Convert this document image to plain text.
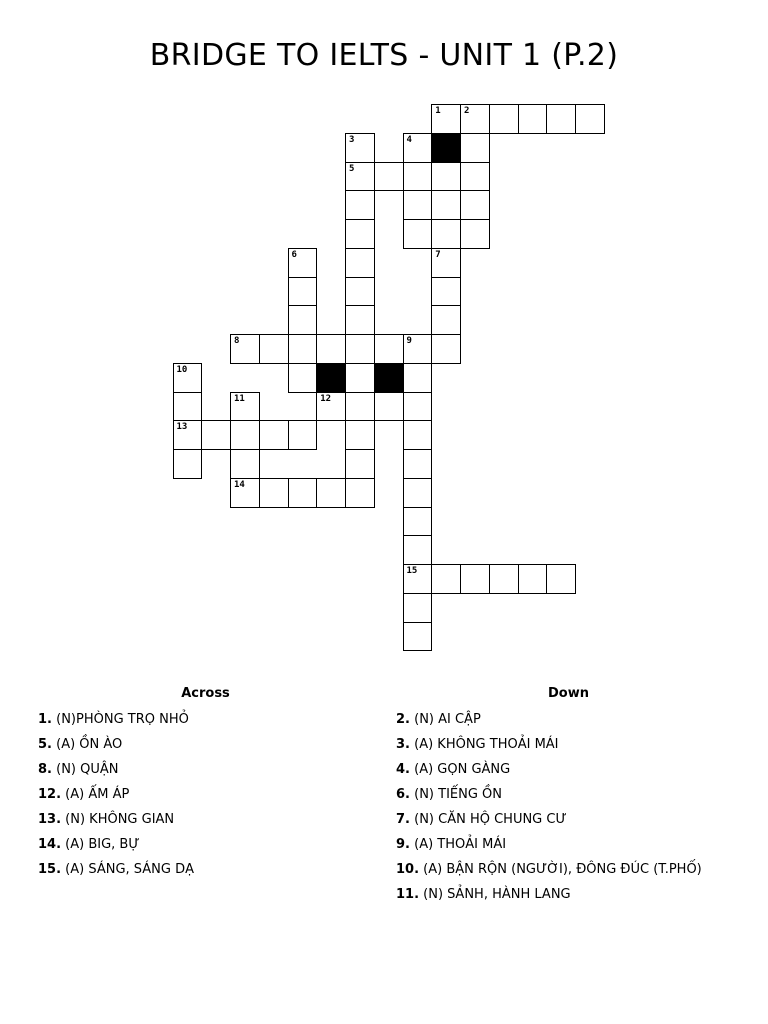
BRIDGE TO IELTS - UNIT 1 (P.2)
1	2
3	4
5
6	7
8	9
10
11	12
13
14
15
Across
1. (N)PHÒNG TRỌ NHỎ
5. (A) ỒN ÀO
8. (N) QUẬN
12. (A) ẤM ÁP
13. (N) KHÔNG GIAN
14. (A) BIG, BỰ
15. (A) SÁNG, SÁNG DẠ
Down
2. (N) AI CẬP
3. (A) KHÔNG THOẢI MÁI
4. (A) GỌN GÀNG
6. (N) TIẾNG ỒN
7. (N) CĂN HỘ CHUNG CƯ
9. (A) THOẢI MÁI
10. (A) BẬN RỘN (NGƯỜI), ĐÔNG ĐÚC (T.PHỐ)
11. (N) SẢNH, HÀNH LANG
